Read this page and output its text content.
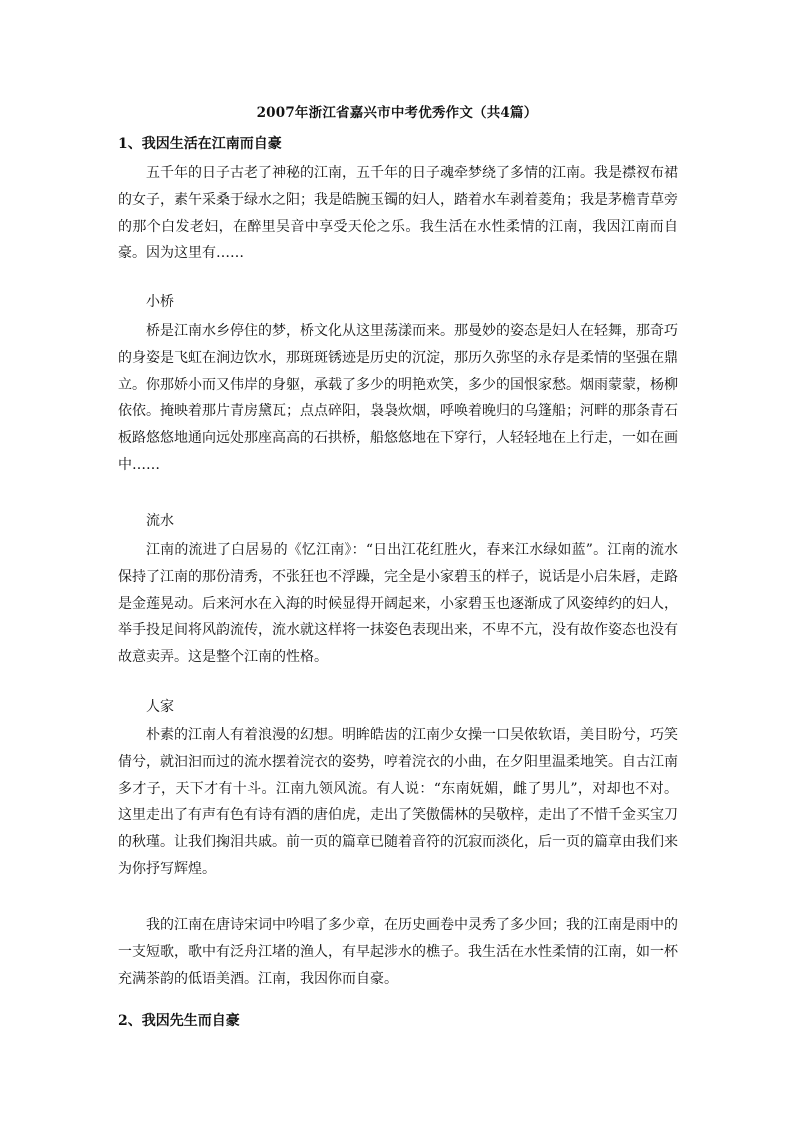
2007年浙江省嘉兴市中考优秀作文（共4篇）
1、我因生活在江南而自豪

五千年的日子古老了神秘的江南，五千年的日子魂牵梦绕了多情的江南。我是襟衩布裙的女子，素午采桑于绿水之阳；我是皓腕玉镯的妇人，踏着水车剥着菱角；我是茅檐青草旁的那个白发老妇，在醉里吴音中享受天伦之乐。我生活在水性柔情的江南，我因江南而自豪。因为这里有……

小桥

桥是江南水乡停住的梦，桥文化从这里荡漾而来。那曼妙的姿态是妇人在轻舞，那奇巧的身姿是飞虹在涧边饮水，那斑斑锈迹是历史的沉淀，那历久弥坚的永存是柔情的坚强在鼎立。你那娇小而又伟岸的身躯，承载了多少的明艳欢笑，多少的国恨家愁。烟雨蒙蒙，杨柳依依。掩映着那片青房黛瓦；点点碎阳，袅袅炊烟，呼唤着晚归的乌篷船；河畔的那条青石板路悠悠地通向远处那座高高的石拱桥，船悠悠地在下穿行，人轻轻地在上行走，一如在画中……

流水

江南的流进了白居易的《忆江南》：“日出江花红胜火，春来江水绿如蓝”。江南的流水保持了江南的那份清秀，不张狂也不浮躁，完全是小家碧玉的样子，说话是小启朱唇，走路是金莲晃动。后来河水在入海的时候显得开阔起来，小家碧玉也逐渐成了风姿绰约的妇人，举手投足间将风韵流传，流水就这样将一抹姿色表现出来，不卑不亢，没有故作姿态也没有故意卖弄。这是整个江南的性格。

人家

朴素的江南人有着浪漫的幻想。明眸皓齿的江南少女操一口吴侬软语，美目盼兮，巧笑倩兮，就汩汩而过的流水摆着浣衣的姿势，哼着浣衣的小曲，在夕阳里温柔地笑。自古江南多才子，天下才有十斗。江南九领风流。有人说：“东南妩媚，雌了男儿”，对却也不对。这里走出了有声有色有诗有酒的唐伯虎，走出了笑傲儒林的吴敬梓，走出了不惜千金买宝刀的秋瑾。让我们掬泪共戚。前一页的篇章已随着音符的沉寂而淡化，后一页的篇章由我们来为你抒写辉煌。

我的江南在唐诗宋词中吟唱了多少章，在历史画卷中灵秀了多少回；我的江南是雨中的一支短歌，歌中有泛舟江堵的渔人，有早起涉水的樵子。我生活在水性柔情的江南，如一杯充满茶韵的低语美酒。江南，我因你而自豪。

2、我因先生而自豪
